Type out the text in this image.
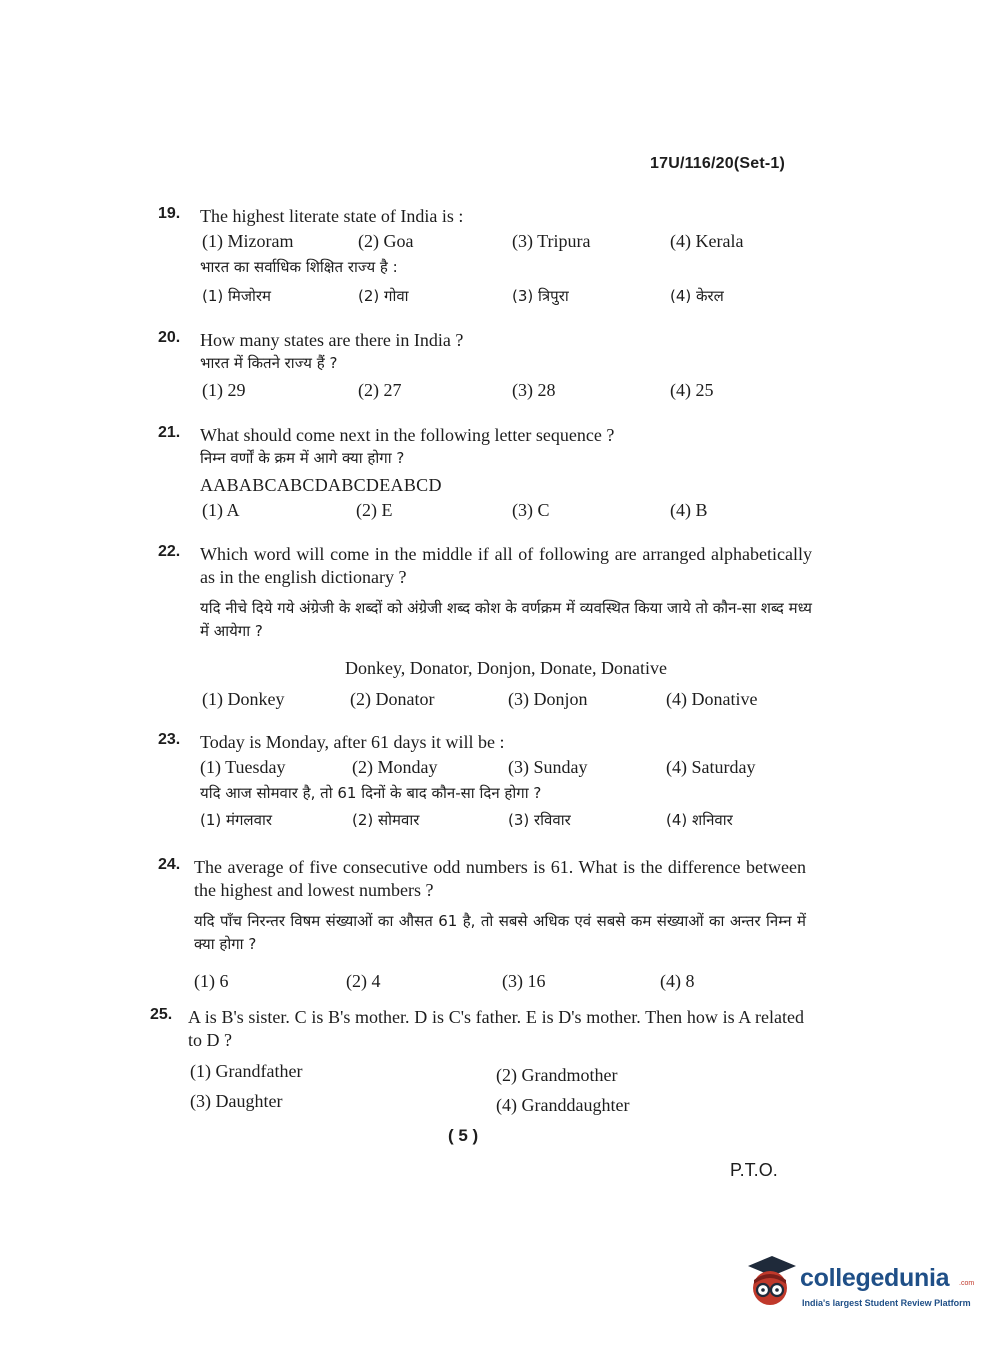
17U/116/20(Set-1)
19. The highest literate state of India is :
(1) Mizoram	(2) Goa	(3) Tripura	(4) Kerala
भारत का सर्वाधिक शिक्षित राज्य है :
(1) मिजोरम	(2) गोवा	(3) त्रिपुरा	(4) केरल
20. How many states are there in India ?
भारत में कितने राज्य हैं ?
(1) 29	(2) 27	(3) 28	(4) 25
21. What should come next in the following letter sequence ?
निम्न वर्णों के क्रम में आगे क्या होगा ?
AABABCABCDABCDEABCD
(1) A	(2) E	(3) C	(4) B
22. Which word will come in the middle if all of following are arranged alphabetically as in the english dictionary ?
यदि नीचे दिये गये अंग्रेजी के शब्दों को अंग्रेजी शब्द कोश के वर्णक्रम में व्यवस्थित किया जाये तो कौन-सा शब्द मध्य में आयेगा ?
Donkey, Donator, Donjon, Donate, Donative
(1) Donkey	(2) Donator	(3) Donjon	(4) Donative
23. Today is Monday, after 61 days it will be :
(1) Tuesday	(2) Monday	(3) Sunday	(4) Saturday
यदि आज सोमवार है, तो 61 दिनों के बाद कौन-सा दिन होगा ?
(1) मंगलवार	(2) सोमवार	(3) रविवार	(4) शनिवार
24. The average of five consecutive odd numbers is 61. What is the difference between the highest and lowest numbers ?
यदि पाँच निरन्तर विषम संख्याओं का औसत 61 है, तो सबसे अधिक एवं सबसे कम संख्याओं का अन्तर निम्न में क्या होगा ?
(1) 6	(2) 4	(3) 16	(4) 8
25. A is B's sister. C is B's mother. D is C's father. E is D's mother. Then how is A related to D ?
(1) Grandfather	(2) Grandmother
(3) Daughter	(4) Granddaughter
( 5 )
P.T.O.
collegedunia .com
India's largest Student Review Platform
